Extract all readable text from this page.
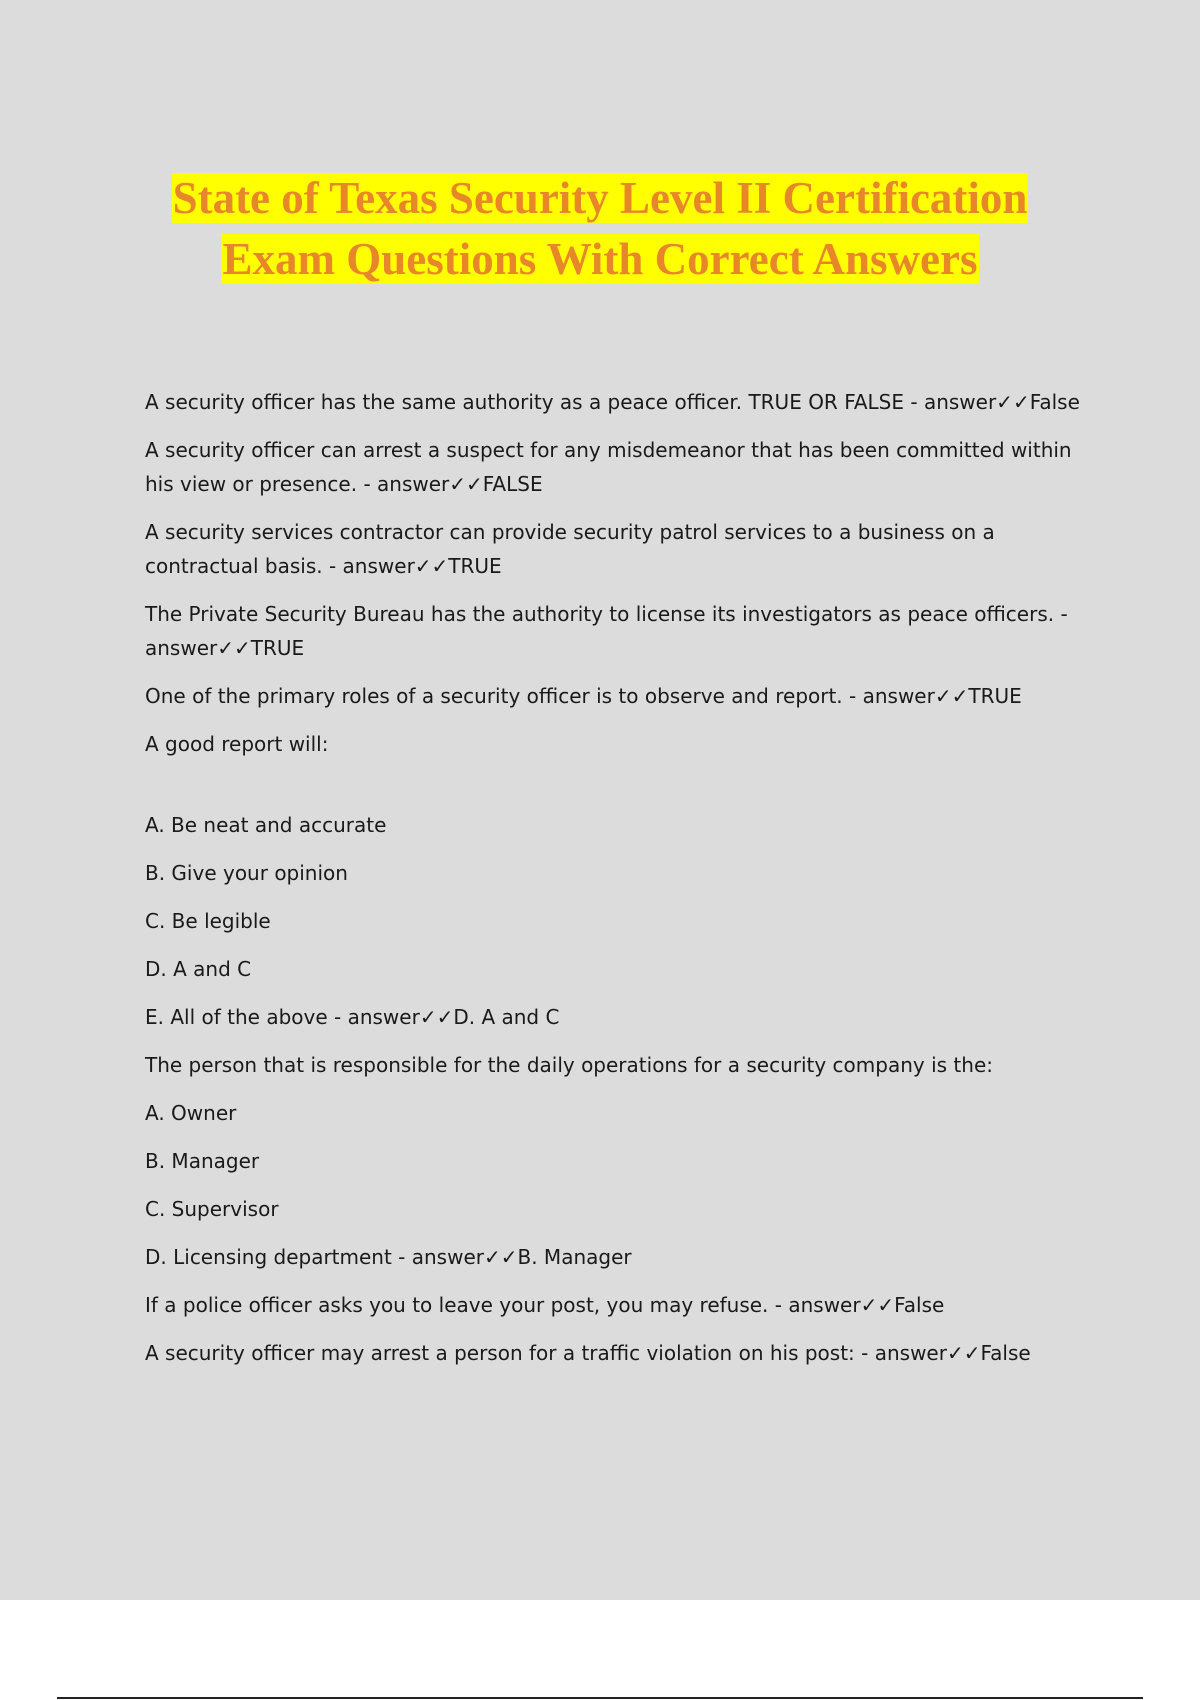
State of Texas Security Level II Certification
Exam Questions With Correct Answers

A security officer has the same authority as a peace officer. TRUE OR FALSE - answer✓✓False

A security officer can arrest a suspect for any misdemeanor that has been committed within his view or presence. - answer✓✓FALSE

A security services contractor can provide security patrol services to a business on a contractual basis. - answer✓✓TRUE

The Private Security Bureau has the authority to license its investigators as peace officers. - answer✓✓TRUE

One of the primary roles of a security officer is to observe and report. - answer✓✓TRUE

A good report will:

A. Be neat and accurate

B. Give your opinion

C. Be legible

D. A and C

E. All of the above - answer✓✓D. A and C

The person that is responsible for the daily operations for a security company is the:

A. Owner

B. Manager

C. Supervisor

D. Licensing department - answer✓✓B. Manager

If a police officer asks you to leave your post, you may refuse. - answer✓✓False

A security officer may arrest a person for a traffic violation on his post: - answer✓✓False
